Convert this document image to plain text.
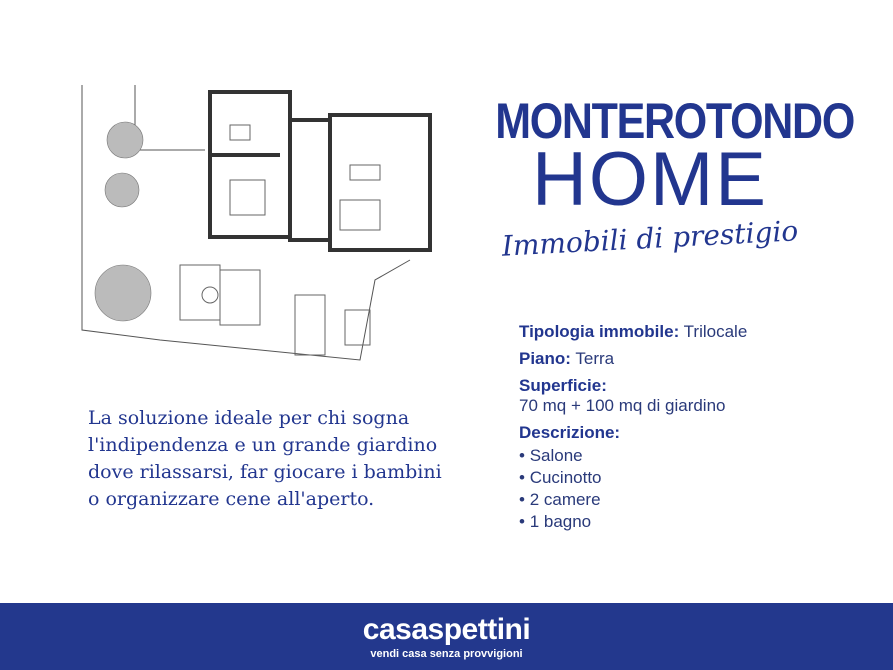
MONTEROTONDO
HOME
Immobili di prestigio
Tipologia immobile: Trilocale
Piano: Terra
Superficie:
70 mq + 100 mq di giardino
Descrizione:
• Salone
• Cucinotto
• 2 camere
• 1 bagno
La soluzione ideale per chi sogna l'indipendenza e un grande giardino dove rilassarsi, far giocare i bambini o organizzare cene all'aperto.
casaspettini
vendi casa senza provvigioni
